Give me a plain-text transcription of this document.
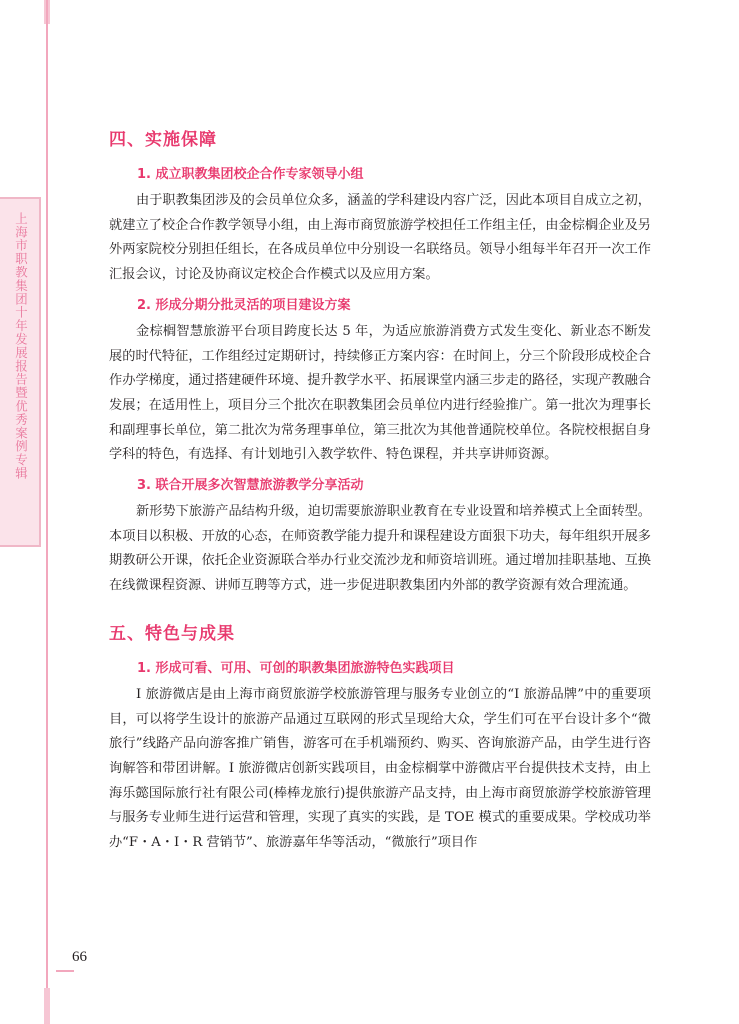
上海市职教集团十年发展报告暨优秀案例专辑
四、实施保障
1. 成立职教集团校企合作专家领导小组

由于职教集团涉及的会员单位众多，涵盖的学科建设内容广泛，因此本项目自成立之初，就建立了校企合作教学领导小组，由上海市商贸旅游学校担任工作组主任，由金棕榈企业及另外两家院校分别担任组长，在各成员单位中分别设一名联络员。领导小组每半年召开一次工作汇报会议，讨论及协商议定校企合作模式以及应用方案。

2. 形成分期分批灵活的项目建设方案

金棕榈智慧旅游平台项目跨度长达 5 年，为适应旅游消费方式发生变化、新业态不断发展的时代特征，工作组经过定期研讨，持续修正方案内容：在时间上，分三个阶段形成校企合作办学梯度，通过搭建硬件环境、提升教学水平、拓展课堂内涵三步走的路径，实现产教融合发展；在适用性上，项目分三个批次在职教集团会员单位内进行经验推广。第一批次为理事长和副理事长单位，第二批次为常务理事单位，第三批次为其他普通院校单位。各院校根据自身学科的特色，有选择、有计划地引入教学软件、特色课程，并共享讲师资源。

3. 联合开展多次智慧旅游教学分享活动

新形势下旅游产品结构升级，迫切需要旅游职业教育在专业设置和培养模式上全面转型。本项目以积极、开放的心态，在师资教学能力提升和课程建设方面狠下功夫，每年组织开展多期教研公开课，依托企业资源联合举办行业交流沙龙和师资培训班。通过增加挂职基地、互换在线微课程资源、讲师互聘等方式，进一步促进职教集团内外部的教学资源有效合理流通。

五、特色与成果
1. 形成可看、可用、可创的职教集团旅游特色实践项目

I 旅游微店是由上海市商贸旅游学校旅游管理与服务专业创立的“I 旅游品牌”中的重要项目，可以将学生设计的旅游产品通过互联网的形式呈现给大众，学生们可在平台设计多个“微旅行”线路产品向游客推广销售，游客可在手机端预约、购买、咨询旅游产品，由学生进行咨询解答和带团讲解。I 旅游微店创新实践项目，由金棕榈掌中游微店平台提供技术支持，由上海乐懿国际旅行社有限公司(棒棒龙旅行)提供旅游产品支持，由上海市商贸旅游学校旅游管理与服务专业师生进行运营和管理，实现了真实的实践，是 TOE 模式的重要成果。学校成功举办“F・A・I・R 营销节”、旅游嘉年华等活动，“微旅行”项目作

66
